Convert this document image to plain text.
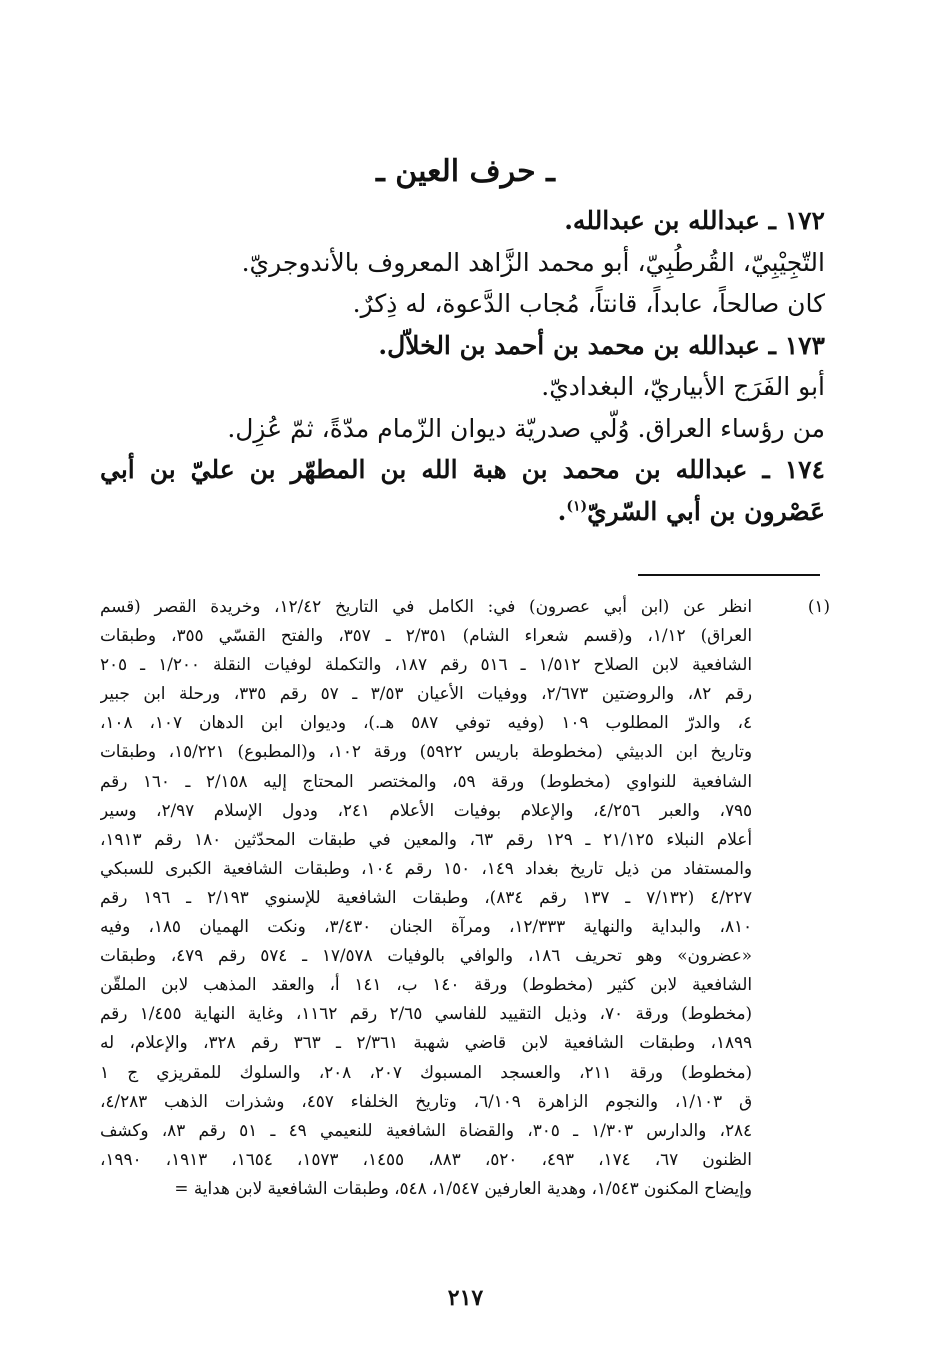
ـ حرف العين ـ
١٧٢ ـ عبدالله بن عبدالله.
التّجِيْبِيّ، القُرطُبِيّ، أبو محمد الزَّاهد المعروف بالأندوجريّ.
كان صالحاً، عابداً، قانتاً، مُجاب الدَّعوة، له ذِكرٌ.
١٧٣ ـ عبدالله بن محمد بن أحمد بن الخلاّل.
أبو الفَرَج الأبياريّ، البغداديّ.
من رؤساء العراق. وُلّي صدريّة ديوان الزّمام مدّةً، ثمّ عُزِل.
١٧٤ ـ عبدالله بن محمد بن هبة الله بن المطهّر بن عليّ بن أبي
عَصْرون بن أبي السّريّ$^{(١)}$.
(١)
انظر عن (ابن أبي عصرون) في: الكامل في التاريخ ١٢/٤٢، وخريدة القصر (قسم
العراق) ١/١٢، و(قسم شعراء الشام) ٢/٣٥١ ـ ٣٥٧، والفتح القسّي ٣٥٥، وطبقات
الشافعية لابن الصلاح ١/٥١٢ ـ ٥١٦ رقم ١٨٧، والتكملة لوفيات النقلة ١/٢٠٠ ـ ٢٠٥
رقم ٨٢، والروضتين ٢/٦٧٣، ووفيات الأعيان ٣/٥٣ ـ ٥٧ رقم ٣٣٥، ورحلة ابن جبير
٤، والدرّ المطلوب ١٠٩ (وفيه توفي ٥٨٧ هـ.)، وديوان ابن الدهان ١٠٧، ١٠٨،
وتاريخ ابن الدبيثي (مخطوطة باريس ٥٩٢٢) ورقة ١٠٢، و(المطبوع) ١٥/٢٢١، وطبقات
الشافعية للنواوي (مخطوط) ورقة ٥٩، والمختصر المحتاج إليه ٢/١٥٨ ـ ١٦٠ رقم
٧٩٥، والعبر ٤/٢٥٦، والإعلام بوفيات الأعلام ٢٤١، ودول الإسلام ٢/٩٧، وسير
أعلام النبلاء ٢١/١٢٥ ـ ١٢٩ رقم ٦٣، والمعين في طبقات المحدّثين ١٨٠ رقم ١٩١٣،
والمستفاد من ذيل تاريخ بغداد ١٤٩، ١٥٠ رقم ١٠٤، وطبقات الشافعية الكبرى للسبكي
٤/٢٢٧ (٧/١٣٢ ـ ١٣٧ رقم ٨٣٤)، وطبقات الشافعية للإسنوي ٢/١٩٣ ـ ١٩٦ رقم
٨١٠، والبداية والنهاية ١٢/٣٣٣، ومرآة الجنان ٣/٤٣٠، ونكت الهميان ١٨٥، وفيه
«عضرون» وهو تحريف ١٨٦، والوافي بالوفيات ١٧/٥٧٨ ـ ٥٧٤ رقم ٤٧٩، وطبقات
الشافعية لابن كثير (مخطوط) ورقة ١٤٠ ب، ١٤١ أ، والعقد المذهب لابن الملقّن
(مخطوط) ورقة ٧٠، وذيل التقييد للفاسي ٢/٦٥ رقم ١١٦٢، وغاية النهاية ١/٤٥٥ رقم
١٨٩٩، وطبقات الشافعية لابن قاضي شهبة ٢/٣٦١ ـ ٣٦٣ رقم ٣٢٨، والإعلام، له
(مخطوط) ورقة ٢١١، والعسجد المسبوك ٢٠٧، ٢٠٨، والسلوك للمقريزي ج ١
ق ١/١٠٣، والنجوم الزاهرة ٦/١٠٩، وتاريخ الخلفاء ٤٥٧، وشذرات الذهب ٤/٢٨٣،
٢٨٤، والدارس ١/٣٠٣ ـ ٣٠٥، والقضاة الشافعية للنعيمي ٤٩ ـ ٥١ رقم ٨٣، وكشف
الظنون ٦٧، ١٧٤، ٤٩٣، ٥٢٠، ٨٨٣، ١٤٥٥، ١٥٧٣، ١٦٥٤، ١٩١٣، ١٩٩٠،
وإيضاح المكنون ١/٥٤٣، وهدية العارفين ١/٥٤٧، ٥٤٨، وطبقات الشافعية لابن هداية =
٢١٧
